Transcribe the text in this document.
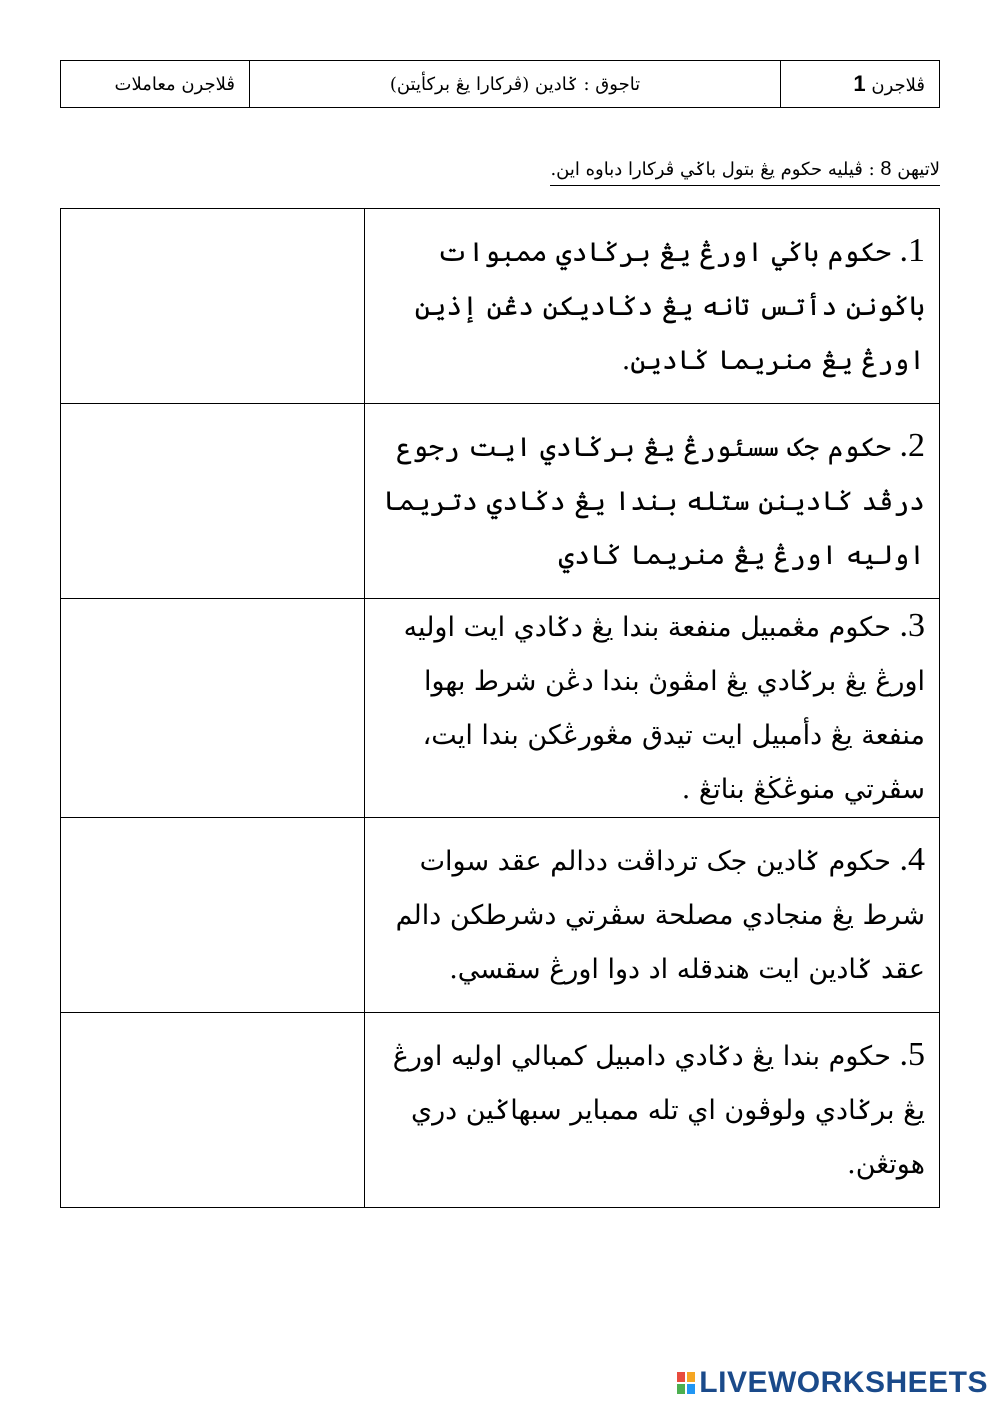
ڤلاجرن 1	تاجوق : ݢادين (ڤركارا يڠ برکأيتن)	ڤلاجرن معاملات
لاتيهن 8 : ڤيليه حکوم يڠ بتول باݢي ڤركارا دباوه اين.
	1. حکوم باݢي اورڠ يڠ برݢادي ممبوات باݢونن دأتس تانه يڠ دݢاديکن دڠن إذين اورڠ يڠ منريما ݢادين.
	2. حکوم جک سسئورڠ يڠ برݢادي ايت رجوع درڤد ݢادينن ستله بندا يڠ دݢادي دتريما اوليه اورڠ يڠ منريما ݢادي
	3. حکوم مڠمبيل منفعة بندا يڠ دݢادي ايت اوليه اورڠ يڠ برݢادي يڠ امڤوڽ بندا دڠن شرط بهوا منفعة يڠ دأمبيل ايت تيدق مڠورڠکن بندا ايت، سڤرتي منوڠڬڠ بناتڠ .
	4. حکوم ݢادين جک ترداڤت ددالم عقد سوات شرط يڠ منجادي مصلحة سڤرتي دشرطکن دالم عقد ݢادين ايت هندقله اد دوا اورڠ سقسي.
	5. حکوم بندا يڠ دݢادي دامبيل کمبالي اوليه اورڠ يڠ برݢادي ولوڤون اي تله ممباير سبهاݢين دري هوتڠن.
LIVEWORKSHEETS
